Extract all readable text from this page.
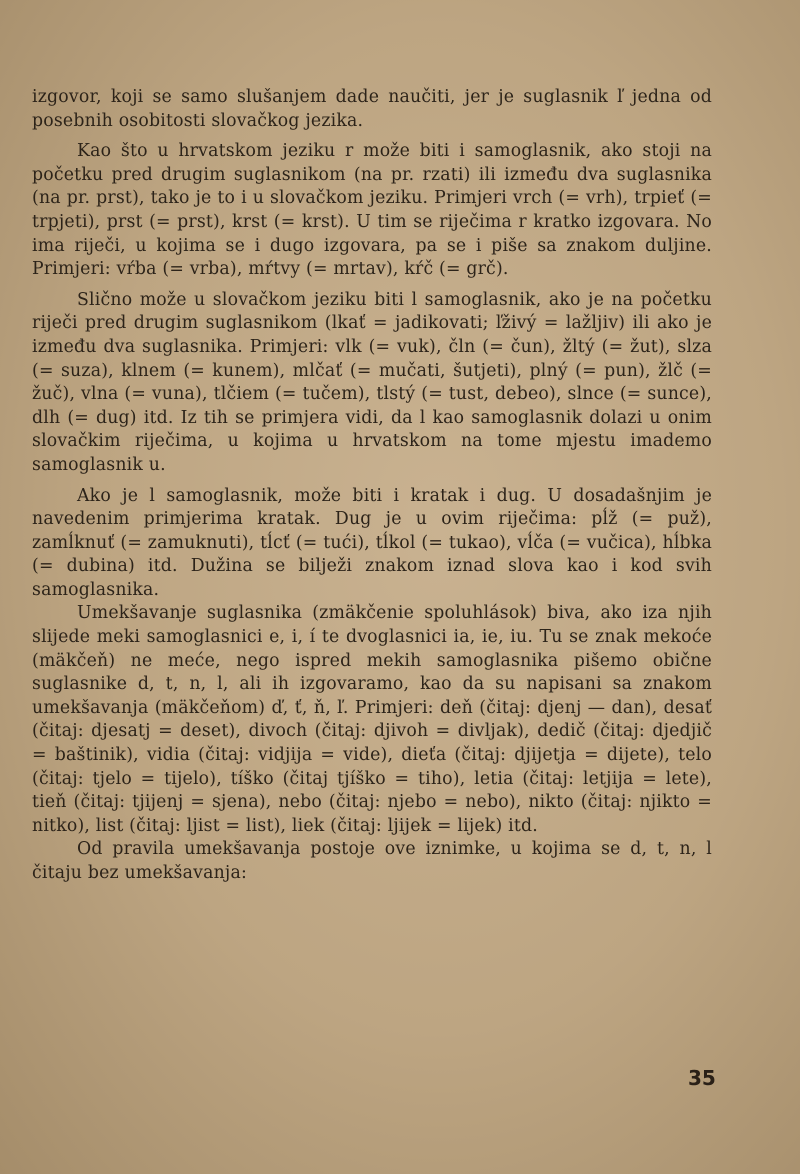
izgovor, koji se samo slušanjem dade naučiti, jer je suglasnik ľ jedna od posebnih osobitosti slovačkog jezika.

Kao što u hrvatskom jeziku r može biti i samoglasnik, ako stoji na početku pred drugim suglasnikom (na pr. rzati) ili između dva suglasnika (na pr. prst), tako je to i u slovačkom jeziku. Primjeri vrch (= vrh), trpieť (= trpjeti), prst (= prst), krst (= krst). U tim se riječima r kratko izgovara. No ima riječi, u kojima se i dugo izgovara, pa se i piše sa znakom duljine. Primjeri: vŕba (= vrba), mŕtvy (= mrtav), kŕč (= grč).

Slično može u slovačkom jeziku biti l samoglasnik, ako je na početku riječi pred drugim suglasnikom (lkať = jadikovati; ľživý = lažljiv) ili ako je između dva suglasnika. Primjeri: vlk (= vuk), čln (= čun), žltý (= žut), slza (= suza), klnem (= kunem), mlčať (= mučati, šutjeti), plný (= pun), žlč (= žuč), vlna (= vuna), tlčiem (= tučem), tlstý (= tust, debeo), slnce (= sunce), dlh (= dug) itd. Iz tih se primjera vidi, da l kao samoglasnik dolazi u onim slovačkim riječima, u kojima u hrvatskom na tome mjestu imademo samoglasnik u.

Ako je l samoglasnik, može biti i kratak i dug. U dosadašnjim je navedenim primjerima kratak. Dug je u ovim riječima: pĺž (= puž), zamĺknuť (= zamuknuti), tĺcť (= tući), tĺkol (= tukao), vĺča (= vučica), hĺbka (= dubina) itd. Dužina se bilježi znakom iznad slova kao i kod svih samoglasnika.

Umekšavanje suglasnika (zmäkčenie spoluhlások) biva, ako iza njih slijede meki samoglasnici e, i, í te dvoglasnici ia, ie, iu. Tu se znak mekoće (mäkčeň) ne meće, nego ispred mekih samoglasnika pišemo obične suglasnike d, t, n, l, ali ih izgovaramo, kao da su napisani sa znakom umekšavanja (mäkčeňom) ď, ť, ň, ľ. Primjeri: deň (čitaj: djenj — dan), desať (čitaj: djesatj = deset), divoch (čitaj: djivoh = divljak), dedič (čitaj: djedjič = baštinik), vidia (čitaj: vidjija = vide), dieťa (čitaj: djijetja = dijete), telo (čitaj: tjelo = tijelo), tíško (čitaj tjíško = tiho), letia (čitaj: letjija = lete), tieň (čitaj: tjijenj = sjena), nebo (čitaj: njebo = nebo), nikto (čitaj: njikto = nitko), list (čitaj: ljist = list), liek (čitaj: ljijek = lijek) itd.

Od pravila umekšavanja postoje ove iznimke, u kojima se d, t, n, l čitaju bez umekšavanja:

35
